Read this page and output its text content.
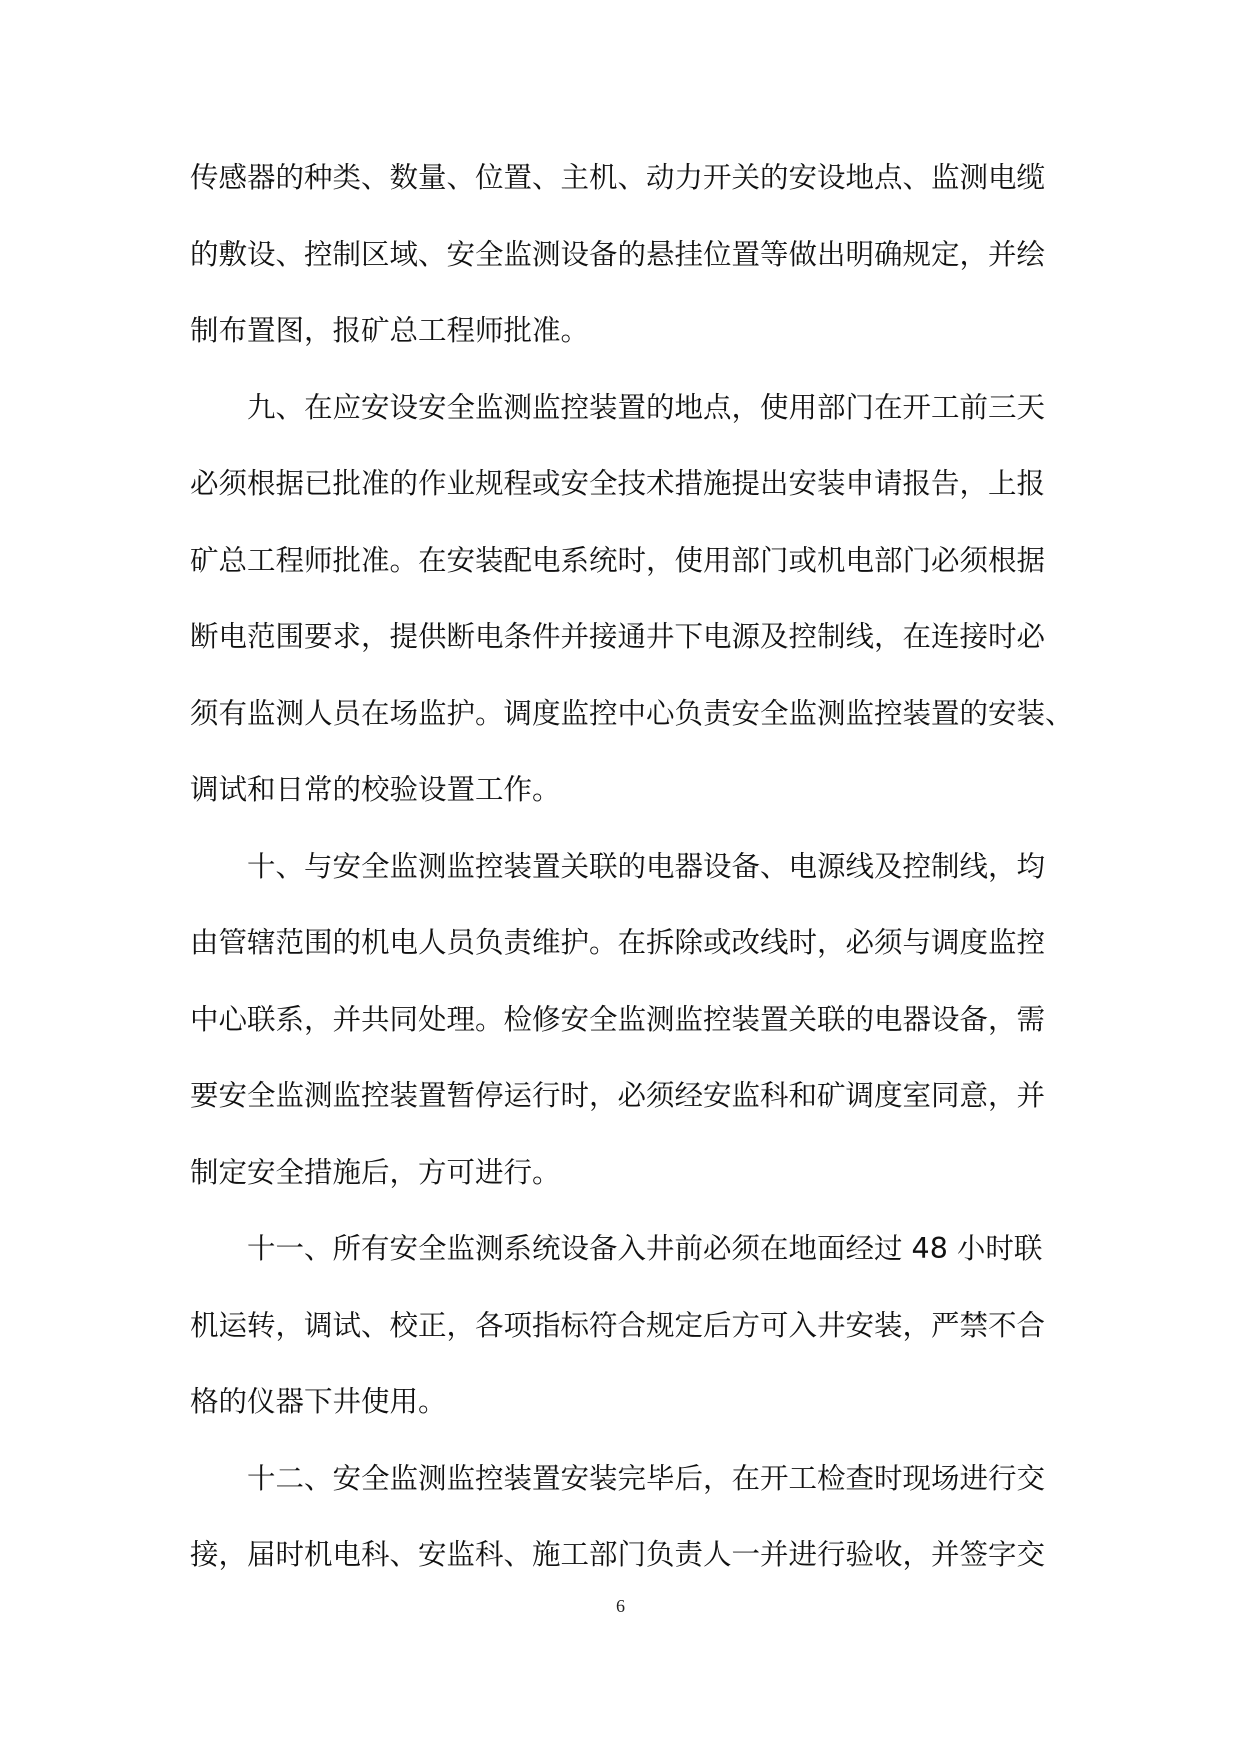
传感器的种类、数量、位置、主机、动力开关的安设地点、监测电缆
的敷设、控制区域、安全监测设备的悬挂位置等做出明确规定，并绘
制布置图，报矿总工程师批准。
九、在应安设安全监测监控装置的地点，使用部门在开工前三天
必须根据已批准的作业规程或安全技术措施提出安装申请报告，上报
矿总工程师批准。在安装配电系统时，使用部门或机电部门必须根据
断电范围要求，提供断电条件并接通井下电源及控制线，在连接时必
须有监测人员在场监护。调度监控中心负责安全监测监控装置的安装、
调试和日常的校验设置工作。
十、与安全监测监控装置关联的电器设备、电源线及控制线，均
由管辖范围的机电人员负责维护。在拆除或改线时，必须与调度监控
中心联系，并共同处理。检修安全监测监控装置关联的电器设备，需
要安全监测监控装置暂停运行时，必须经安监科和矿调度室同意，并
制定安全措施后，方可进行。
十一、所有安全监测系统设备入井前必须在地面经过 48 小时联
机运转，调试、校正，各项指标符合规定后方可入井安装，严禁不合
格的仪器下井使用。
十二、安全监测监控装置安装完毕后，在开工检查时现场进行交
接，届时机电科、安监科、施工部门负责人一并进行验收，并签字交
6
